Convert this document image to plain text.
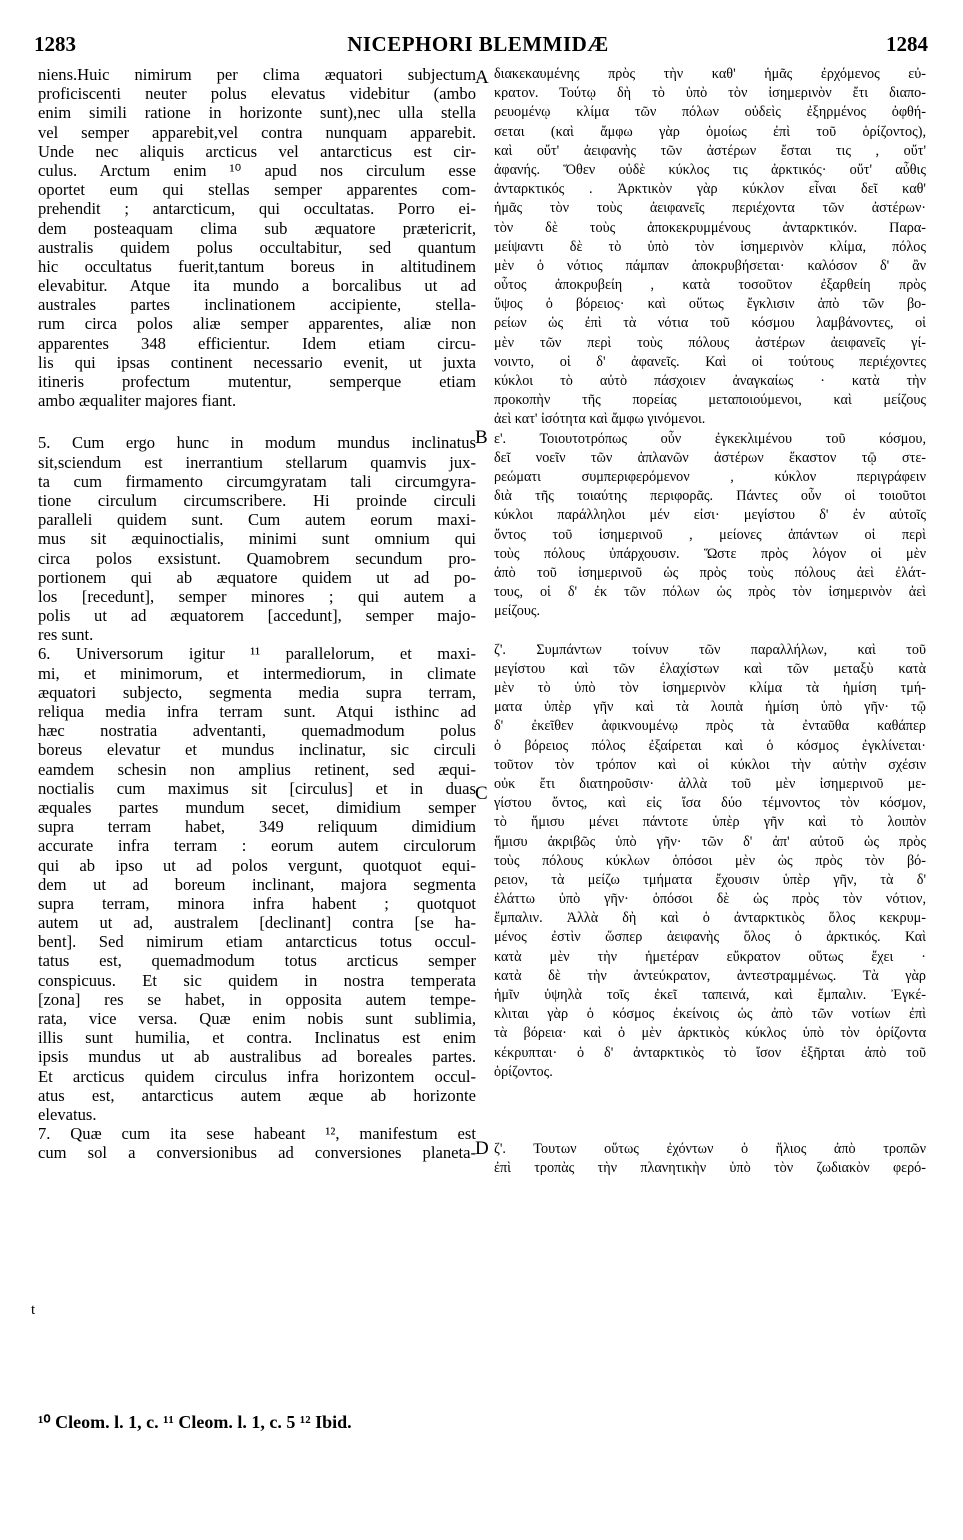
1283	NICEPHORI BLEMMIDÆ	1284
niens.Huic nimirum per clima æquatori subjectum
proficiscenti neuter polus elevatus videbitur (ambo
enim simili ratione in horizonte sunt),nec ulla stella
vel semper apparebit,vel contra nunquam apparebit.
Unde nec aliquis arcticus vel antarcticus est cir-
culus. Arctum enim ¹⁰ apud nos circulum esse
oportet eum qui stellas semper apparentes com-
prehendit ; antarcticum, qui occultatas. Porro ei-
dem posteaquam clima sub æquatore prætericrit,
australis quidem polus occultabitur, sed quantum
hic occultatus fuerit,tantum boreus in altitudinem
elevabitur. Atque ita mundo a borcalibus ut ad
australes partes inclinationem accipiente, stella-
rum circa polos aliæ semper apparentes, aliæ non
apparentes 348 efficientur. Idem etiam circu-
lis qui ipsas continent necessario evenit, ut juxta
itineris profectum mutentur, semperque etiam
ambo æqualiter majores fiant.
5. Cum ergo hunc in modum mundus inclinatus
sit,sciendum est inerrantium stellarum quamvis jux-
ta cum firmamento circumgyratam tali circumgyra-
tione circulum circumscribere. Hi proinde circuli
paralleli quidem sunt. Cum autem eorum maxi-
mus sit æquinoctialis, minimi sunt omnium qui
circa polos exsistunt. Quamobrem secundum pro-
portionem qui ab æquatore quidem ut ad po-
los [recedunt], semper minores ; qui autem a
polis ut ad æquatorem [accedunt], semper majo-
res sunt.
6. Universorum igitur ¹¹ parallelorum, et maxi-
mi, et minimorum, et intermediorum, in climate
æquatori subjecto, segmenta media supra terram,
reliqua media infra terram sunt. Atqui isthinc ad
hæc nostratia adventanti, quemadmodum polus
boreus elevatur et mundus inclinatur, sic circuli
eamdem schesin non amplius retinent, sed æqui-
noctialis cum maximus sit [circulus] et in duas
æquales partes mundum secet, dimidium semper
supra terram habet, 349 reliquum dimidium
accurate infra terram : eorum autem circulorum
qui ab ipso ut ad polos vergunt, quotquot equi-
dem ut ad boreum inclinant, majora segmenta
supra terram, minora infra habent ; quotquot
autem ut ad, australem [declinant] contra [se ha-
bent]. Sed nimirum etiam antarcticus totus occul-
tatus est, quemadmodum totus arcticus semper
conspicuus. Et sic quidem in nostra temperata
[zona] res se habet, in opposita autem tempe-
rata, vice versa. Quæ enim nobis sunt sublimia,
illis sunt humilia, et contra. Inclinatus est enim
ipsis mundus ut ab australibus ad boreales partes.
Et arcticus quidem circulus infra horizontem occul-
atus est, antarcticus autem æque ab horizonte
elevatus.
7. Quæ cum ita sese habeant ¹², manifestum est
cum sol a conversionibus ad conversiones planeta-
διακεκαυμένης πρὸς τὴν καθ' ἡμᾶς ἐρχόμενος εὐ-
κρατον. Τούτῳ δὴ τὸ ὑπὸ τὸν ἰσημερινὸν ἔτι διαπο-
ρευομένῳ κλίμα τῶν πόλων οὐδεὶς ἐξηρμένος ὀφθή-
σεται (καὶ ἄμφω γὰρ ὁμοίως ἐπὶ τοῦ ὁρίζοντος),
καὶ οὔτ' ἀειφανὴς τῶν ἀστέρων ἔσται τις , οὔτ'
ἀφανής. Ὅθεν οὐδὲ κύκλος τις ἀρκτικός· οὔτ' αὖθις
ἀνταρκτικός . Ἀρκτικὸν γὰρ κύκλον εἶναι δεῖ καθ'
ἡμᾶς τὸν τοὺς ἀειφανεῖς περιέχοντα τῶν ἀστέρων·
τὸν δὲ τοὺς ἀποκεκρυμμένους ἀνταρκτικόν. Παρα-
μείψαντι δὲ τὸ ὑπὸ τὸν ἰσημερινὸν κλίμα, πόλος
μὲν ὁ νότιος πάμπαν ἀποκρυβήσεται· καλόσον δ' ἂν
οὗτος ἀποκρυβείη , κατὰ τοσοῦτον ἐξαρθείη πρὸς
ὕψος ὁ βόρειος· καὶ οὕτως ἔγκλισιν ἀπὸ τῶν βο-
ρείων ὡς ἐπὶ τὰ νότια τοῦ κόσμου λαμβάνοντες, οἱ
μὲν τῶν περὶ τοὺς πόλους ἀστέρων ἀειφανεῖς γί-
νοιντο, οἱ δ' ἀφανεῖς. Καὶ οἱ τούτους περιέχοντες
κύκλοι τὸ αὐτὸ πάσχοιεν ἀναγκαίως · κατὰ τὴν
προκοπὴν τῆς πορείας μεταποιούμενοι, καὶ μείζους
ἀεὶ κατ' ἰσότητα καὶ ἄμφω γινόμενοι.
ε'. Τοιουτοτρόπως οὖν ἐγκεκλιμένου τοῦ κόσμου,
δεῖ νοεῖν τῶν ἀπλανῶν ἀστέρων ἕκαστον τῷ στε-
ρεώματι συμπεριφερόμενον , κύκλον περιγράφειν
διὰ τῆς τοιαύτης περιφορᾶς. Πάντες οὖν οἱ τοιοῦτοι
κύκλοι παράλληλοι μέν εἰσι· μεγίστου δ' ἐν αὐτοῖς
ὄντος τοῦ ἰσημερινοῦ , μείονες ἁπάντων οἱ περὶ
τοὺς πόλους ὑπάρχουσιν. Ὥστε πρὸς λόγον οἱ μὲν
ἀπὸ τοῦ ἰσημερινοῦ ὡς πρὸς τοὺς πόλους ἀεὶ ἐλάτ-
τους, οἱ δ' ἐκ τῶν πόλων ὡς πρὸς τὸν ἰσημερινὸν ἀεὶ
μείζους.
ζ'. Συμπάντων τοίνυν τῶν παραλλήλων, καὶ τοῦ
μεγίστου καὶ τῶν ἐλαχίστων καὶ τῶν μεταξὺ κατὰ
μὲν τὸ ὑπὸ τὸν ἰσημερινὸν κλίμα τὰ ἡμίση τμή-
ματα ὑπὲρ γῆν καὶ τὰ λοιπὰ ἡμίση ὑπὸ γῆν· τῷ
δ' ἐκεῖθεν ἀφικνουμένῳ πρὸς τὰ ἐνταῦθα καθάπερ
ὁ βόρειος πόλος ἐξαίρεται καὶ ὁ κόσμος ἐγκλίνεται·
τοῦτον τὸν τρόπον καὶ οἱ κύκλοι τὴν αὐτὴν σχέσιν
οὐκ ἔτι διατηροῦσιν· ἀλλὰ τοῦ μὲν ἰσημερινοῦ με-
γίστου ὄντος, καὶ εἰς ἴσα δύο τέμνοντος τὸν κόσμον,
τὸ ἥμισυ μένει πάντοτε ὑπὲρ γῆν καὶ τὸ λοιπὸν
ἥμισυ ἀκριβῶς ὑπὸ γῆν· τῶν δ' ἀπ' αὐτοῦ ὡς πρὸς
τοὺς πόλους κύκλων ὁπόσοι μὲν ὡς πρὸς τὸν βό-
ρειον, τὰ μείζω τμήματα ἔχουσιν ὑπὲρ γῆν, τὰ δ'
ἐλάττω ὑπὸ γῆν· ὁπόσοι δὲ ὡς πρὸς τὸν νότιον,
ἔμπαλιν. Ἀλλὰ δὴ καὶ ὁ ἀνταρκτικὸς ὅλος κεκρυμ-
μένος ἐστὶν ὥσπερ ἀειφανὴς ὅλος ὁ ἀρκτικός. Καὶ
κατὰ μὲν τὴν ἡμετέραν εὔκρατον οὕτως ἔχει ·
κατὰ δὲ τὴν ἀντεύκρατον, ἀντεστραμμένως. Τὰ γὰρ
ἡμῖν ὑψηλὰ τοῖς ἐκεῖ ταπεινά, καὶ ἔμπαλιν. Ἐγκέ-
κλιται γὰρ ὁ κόσμος ἐκείνοις ὡς ἀπὸ τῶν νοτίων ἐπὶ
τὰ βόρεια· καὶ ὁ μὲν ἀρκτικὸς κύκλος ὑπὸ τὸν ὁρίζοντα
κέκρυπται· ὁ δ' ἀνταρκτικὸς τὸ ἴσον ἐξῆρται ἀπὸ τοῦ
ὁρίζοντος.
ζ'. Τουτων οὕτως ἐχόντων ὁ ἥλιος ἀπὸ τροπῶν
ἐπὶ τροπὰς τὴν πλανητικὴν ὑπὸ τὸν ζωδιακὸν φερό-
A
B
C
D
t
¹⁰ Cleom. l. 1, c. ¹¹ Cleom. l. 1, c. 5 ¹² Ibid.
